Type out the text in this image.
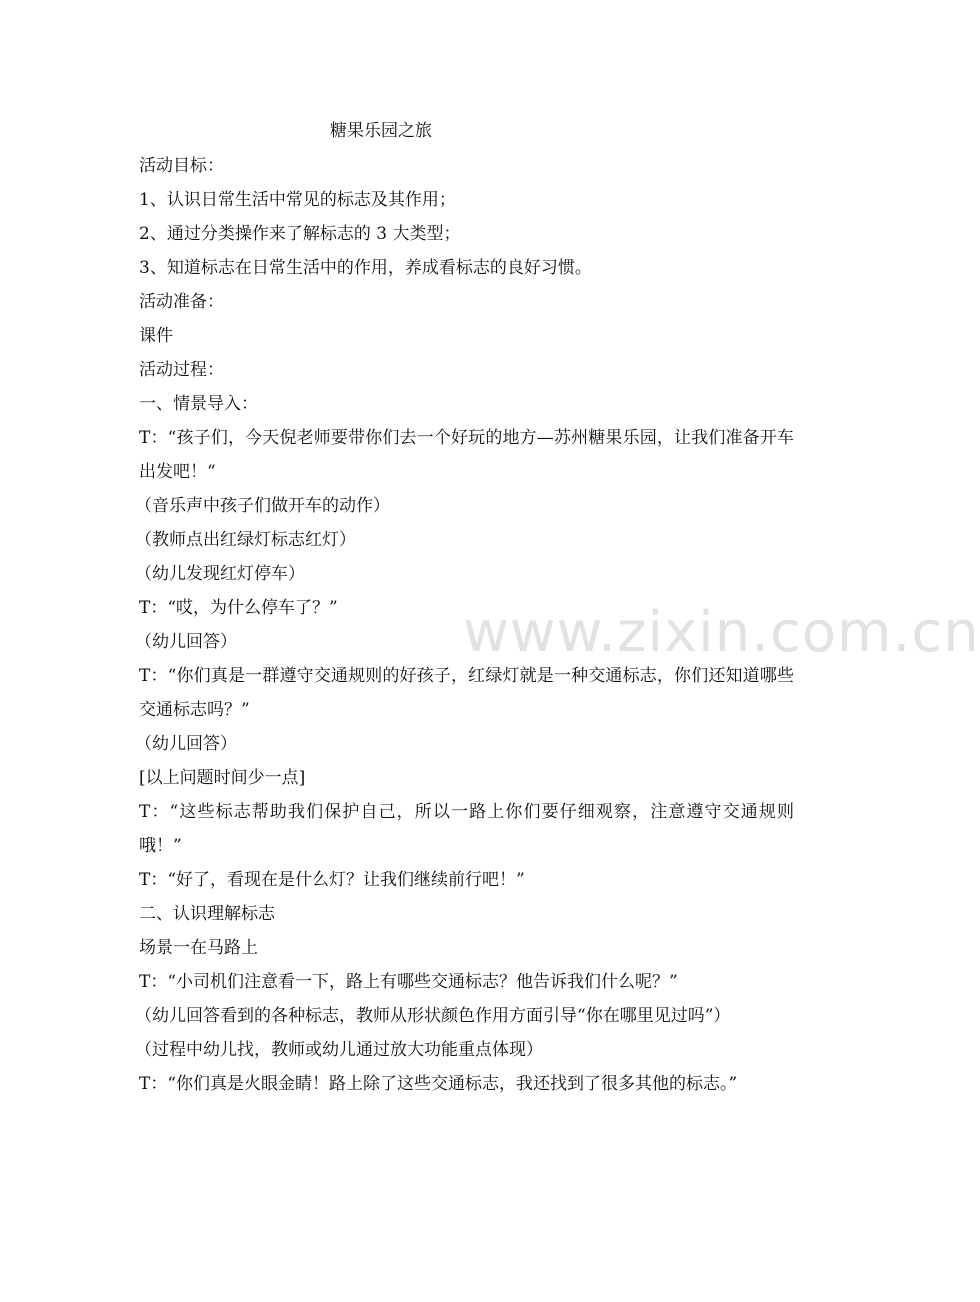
糖果乐园之旅
活动目标：
1、认识日常生活中常见的标志及其作用；
2、通过分类操作来了解标志的 3 大类型；
3、知道标志在日常生活中的作用，养成看标志的良好习惯。
活动准备：
课件
活动过程：
一、情景导入：
T：“孩子们，今天倪老师要带你们去一个好玩的地方—苏州糖果乐园，让我们准备开车出发吧！“
（音乐声中孩子们做开车的动作）
（教师点出红绿灯标志红灯）
（幼儿发现红灯停车）
T：“哎，为什么停车了？”
（幼儿回答）
T：“你们真是一群遵守交通规则的好孩子，红绿灯就是一种交通标志，你们还知道哪些交通标志吗？”
（幼儿回答）
[以上问题时间少一点]
T：“这些标志帮助我们保护自己，所以一路上你们要仔细观察，注意遵守交通规则哦！”
T：“好了，看现在是什么灯？让我们继续前行吧！”
二、认识理解标志
场景一在马路上
T：“小司机们注意看一下，路上有哪些交通标志？他告诉我们什么呢？”
（幼儿回答看到的各种标志，教师从形状颜色作用方面引导“你在哪里见过吗”）
（过程中幼儿找，教师或幼儿通过放大功能重点体现）
T：“你们真是火眼金睛！路上除了这些交通标志，我还找到了很多其他的标志。”
www.zixin.com.cn
